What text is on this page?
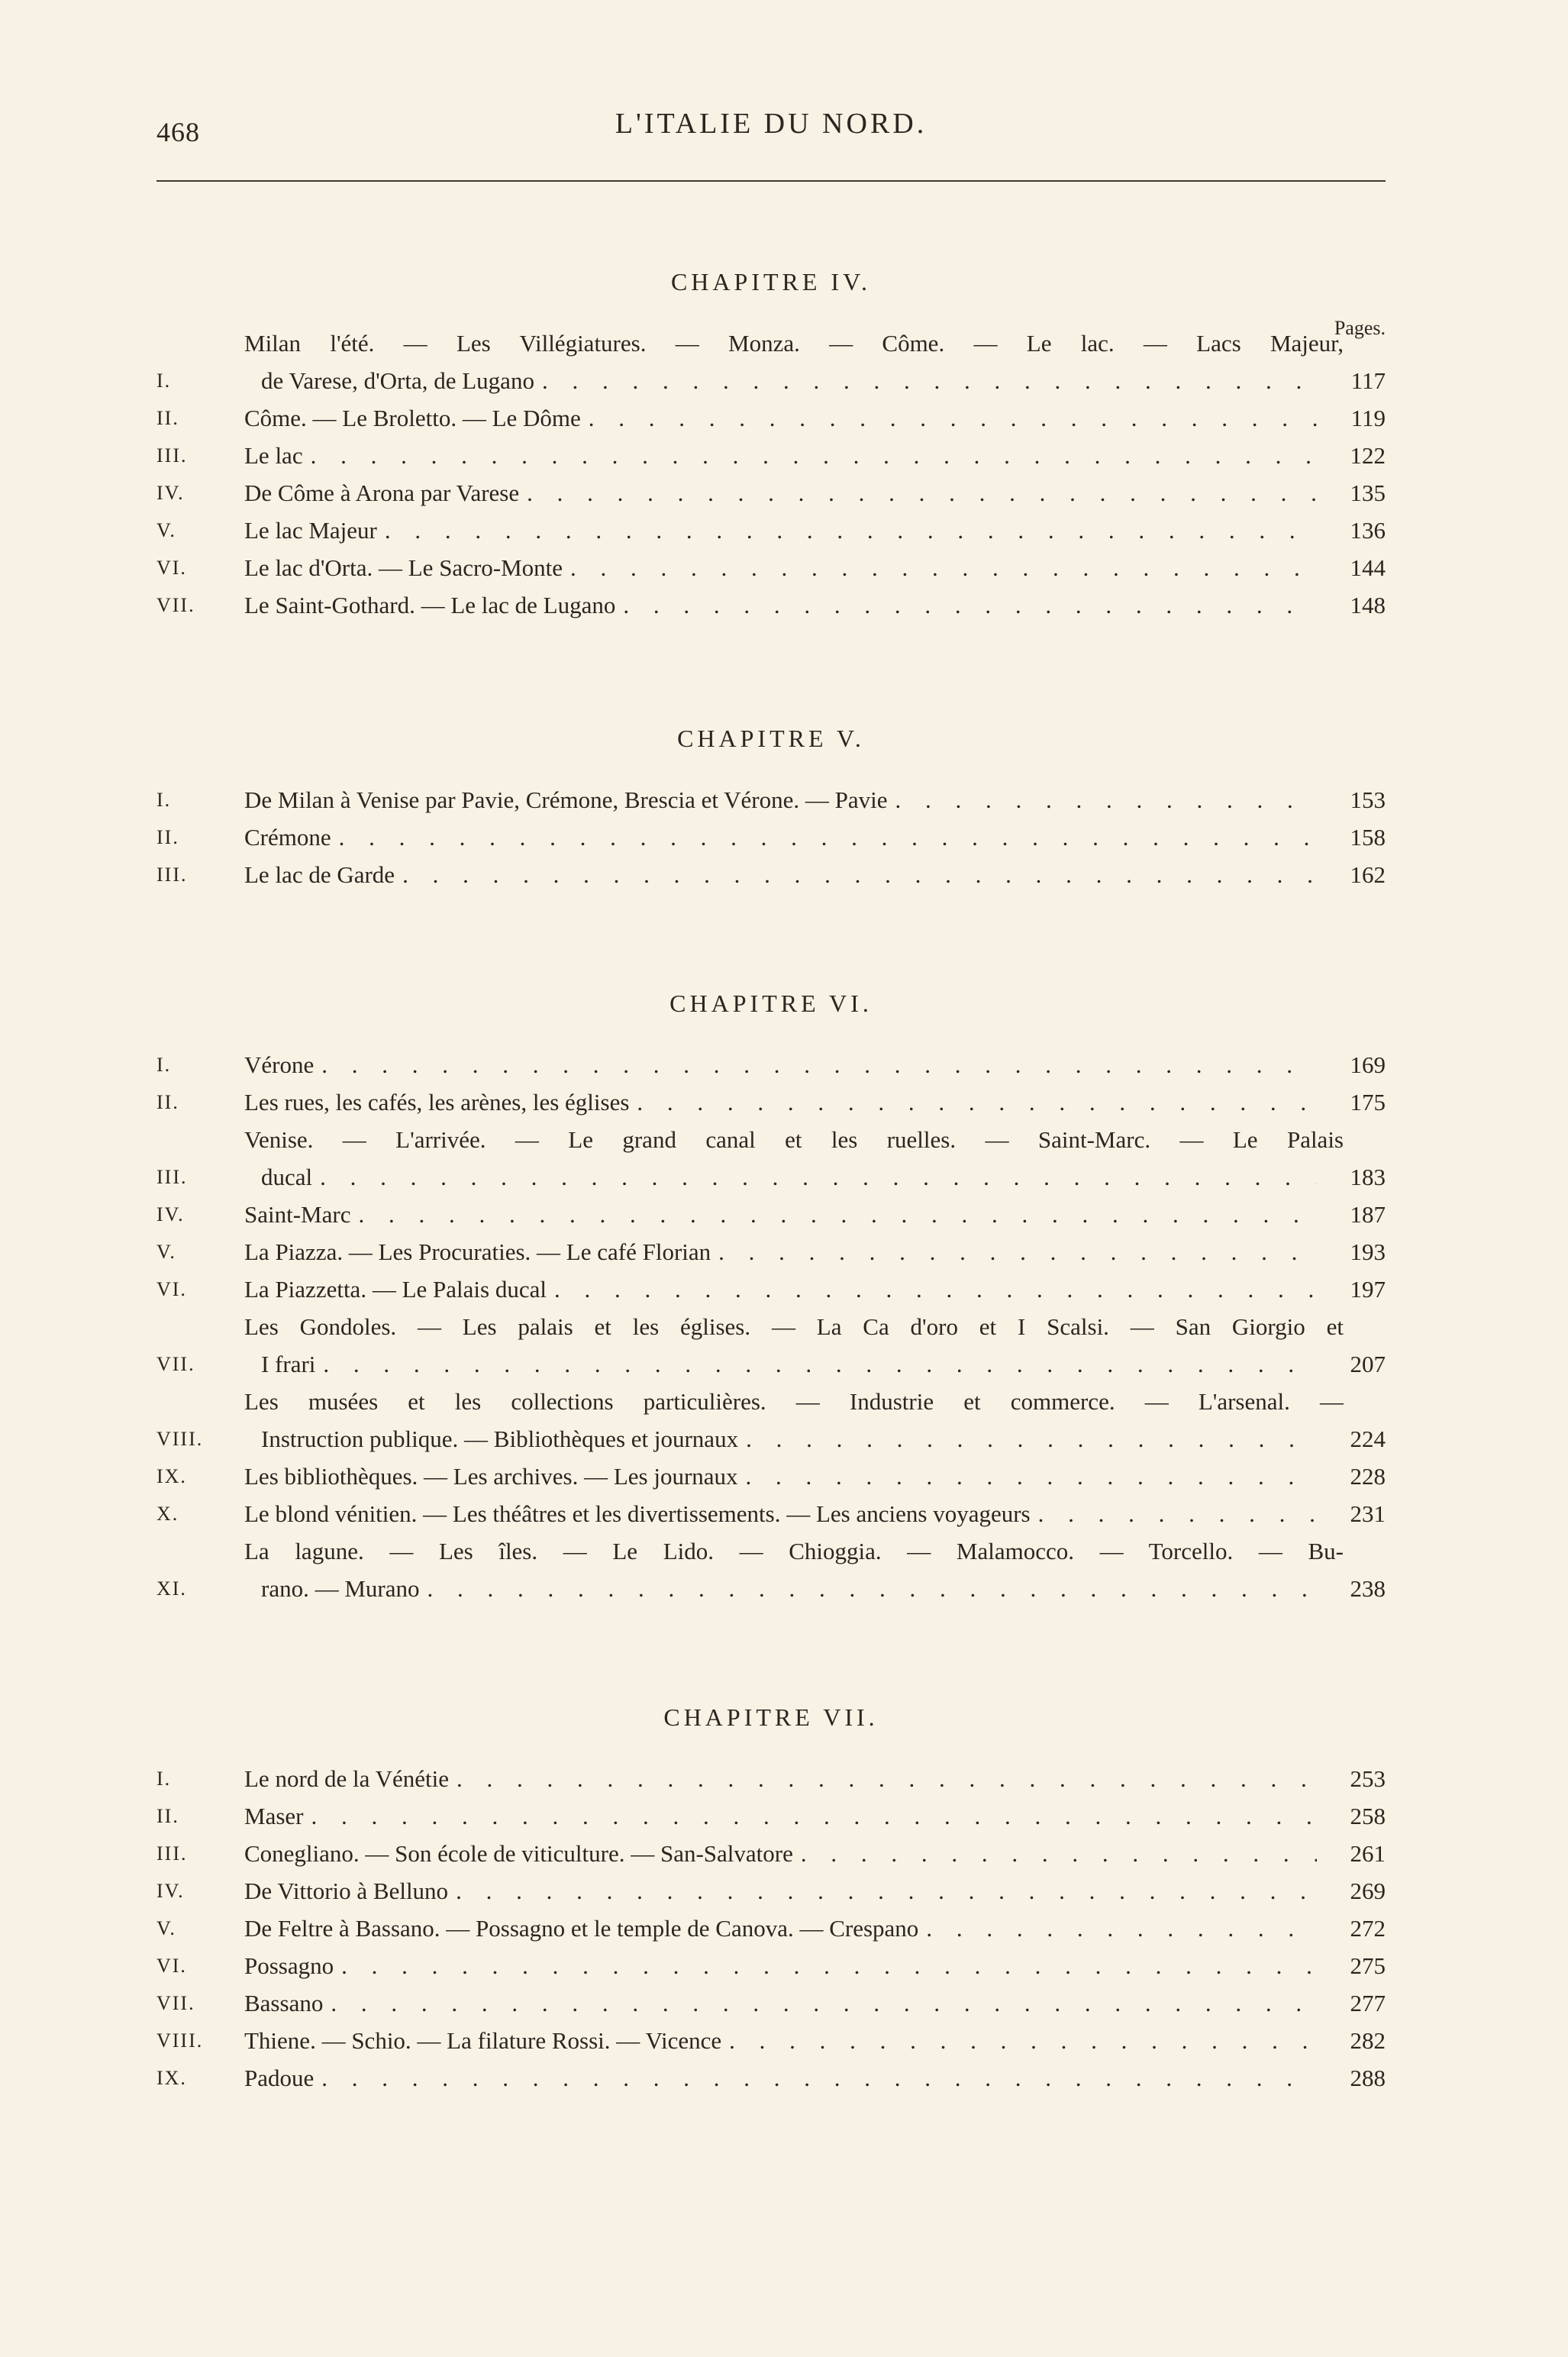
468	L'ITALIE DU NORD.
CHAPITRE IV.
Pages.
I.
Milan l'été. — Les Villégiatures. — Monza. — Côme. — Le lac. — Lacs Majeur,
de Varese, d'Orta, de Lugano . . .	117
II.	Côme. — Le Broletto. — Le Dôme . . .	119
III.	Le lac . . .	122
IV.	De Côme à Arona par Varese . . .	135
V.	Le lac Majeur . . .	136
VI.	Le lac d'Orta. — Le Sacro-Monte . . .	144
VII.	Le Saint-Gothard. — Le lac de Lugano . . .	148
CHAPITRE V.
I.	De Milan à Venise par Pavie, Crémone, Brescia et Vérone. — Pavie . . .	153
II.	Crémone . . .	158
III.	Le lac de Garde . . .	162
CHAPITRE VI.
I.	Vérone . . .	169
II.	Les rues, les cafés, les arènes, les églises . . .	175
III.
Venise. — L'arrivée. — Le grand canal et les ruelles. — Saint-Marc. — Le Palais
ducal . . .	183
IV.	Saint-Marc . . .	187
V.	La Piazza. — Les Procuraties. — Le café Florian . . .	193
VI.	La Piazzetta. — Le Palais ducal . . .	197
VII.
Les Gondoles. — Les palais et les églises. — La Ca d'oro et I Scalsi. — San Giorgio et
I frari . . .	207
VIII.
Les musées et les collections particulières. — Industrie et commerce. — L'arsenal. —
Instruction publique. — Bibliothèques et journaux . . .	224
IX.	Les bibliothèques. — Les archives. — Les journaux . . .	228
X.	Le blond vénitien. — Les théâtres et les divertissements. — Les anciens voyageurs . . .	231
XI.
La lagune. — Les îles. — Le Lido. — Chioggia. — Malamocco. — Torcello. — Bu-
rano. — Murano . . .	238
CHAPITRE VII.
I.	Le nord de la Vénétie . . .	253
II.	Maser . . .	258
III.	Conegliano. — Son école de viticulture. — San-Salvatore . . .	261
IV.	De Vittorio à Belluno . . .	269
V.	De Feltre à Bassano. — Possagno et le temple de Canova. — Crespano . . .	272
VI.	Possagno . . .	275
VII.	Bassano . . .	277
VIII.	Thiene. — Schio. — La filature Rossi. — Vicence . . .	282
IX.	Padoue . . .	288
